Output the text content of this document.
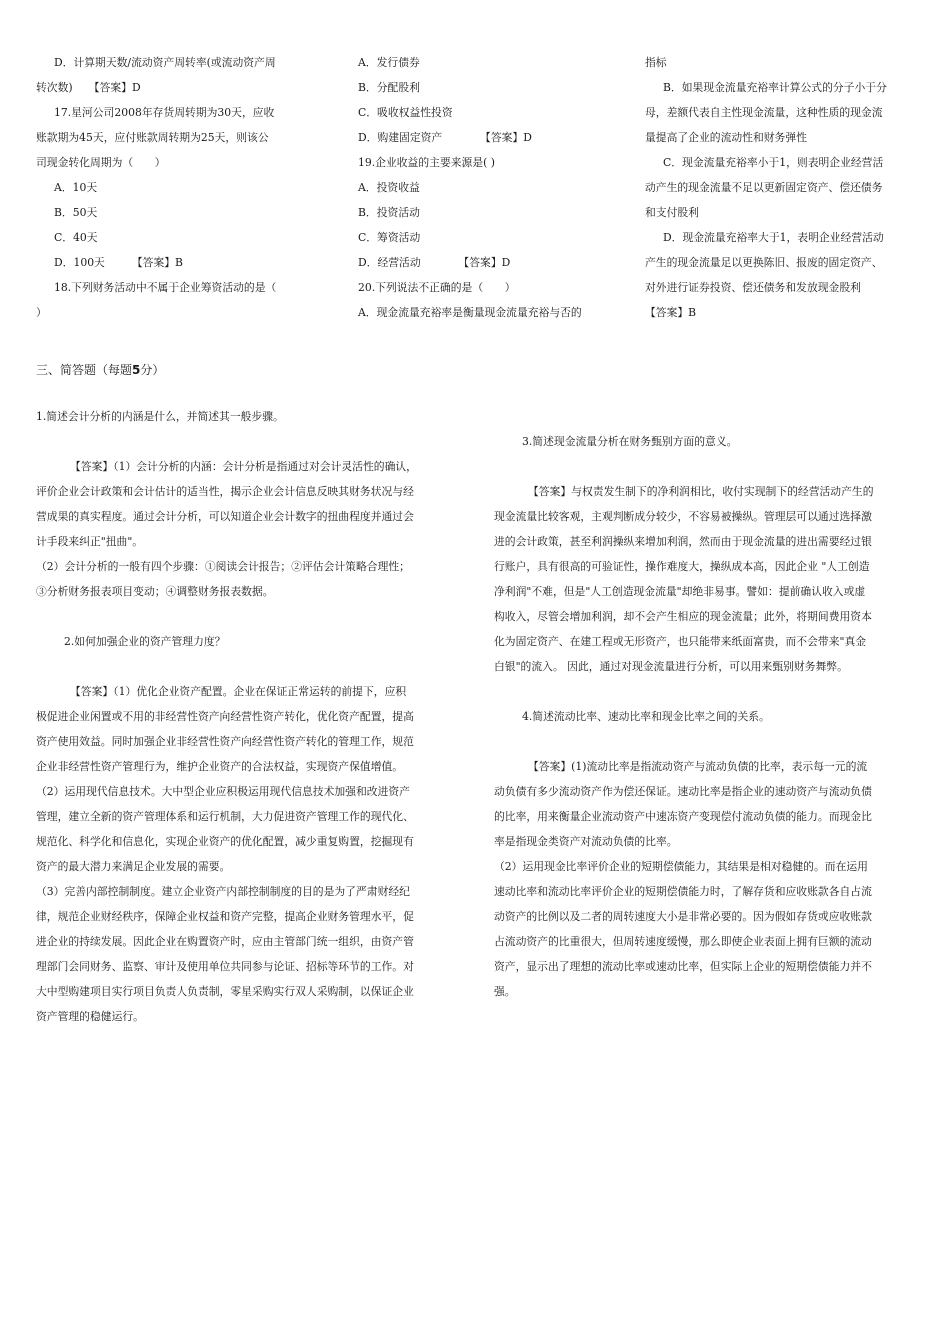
D．计算期天数/流动资产周转率(或流动资产周

转次数)　　【答案】D

17.星河公司2008年存货周转期为30天，应收

账款期为45天，应付账款周转期为25天，则该公

司现金转化周期为（　　）

A．10天

B．50天

C．40天

D．100天　　　【答案】B

18.下列财务活动中不属于企业筹资活动的是（

）

A．发行债券

B．分配股利

C．吸收权益性投资

D．购建固定资产　　　　【答案】D

19.企业收益的主要来源是( )

A．投资收益

B．投资活动

C．筹资活动

D．经营活动　　　　【答案】D

20.下列说法不正确的是（　　）

A．现金流量充裕率是衡量现金流量充裕与否的

指标

B．如果现金流量充裕率计算公式的分子小于分

母，差额代表自主性现金流量，这种性质的现金流

量提高了企业的流动性和财务弹性

C．现金流量充裕率小于1，则表明企业经营活

动产生的现金流量不足以更新固定资产、偿还债务

和支付股利

D．现金流量充裕率大于1，表明企业经营活动

产生的现金流量足以更换陈旧、报废的固定资产、

对外进行证券投资、偿还债务和发放现金股利

【答案】B

三、简答题（每题5分）

1.简述会计分析的内涵是什么，并简述其一般步骤。

【答案】（1）会计分析的内涵：会计分析是指通过对会计灵活性的确认，

评价企业会计政策和会计估计的适当性，揭示企业会计信息反映其财务状况与经

营成果的真实程度。通过会计分析，可以知道企业会计数字的扭曲程度并通过会

计手段来纠正"扭曲"。

（2）会计分析的一般有四个步骤：①阅读会计报告；②评估会计策略合理性；

③分析财务报表项目变动；④调整财务报表数据。

2.如何加强企业的资产管理力度？

【答案】（1）优化企业资产配置。企业在保证正常运转的前提下，应积

极促进企业闲置或不用的非经营性资产向经营性资产转化，优化资产配置，提高

资产使用效益。同时加强企业非经营性资产向经营性资产转化的管理工作，规范

企业非经营性资产管理行为，维护企业资产的合法权益，实现资产保值增值。

（2）运用现代信息技术。大中型企业应积极运用现代信息技术加强和改进资产

管理，建立全新的资产管理体系和运行机制，大力促进资产管理工作的现代化、

规范化、科学化和信息化，实现企业资产的优化配置，减少重复购置，挖掘现有

资产的最大潜力来满足企业发展的需要。

（3）完善内部控制制度。建立企业资产内部控制制度的目的是为了严肃财经纪

律，规范企业财经秩序，保障企业权益和资产完整，提高企业财务管理水平，促

进企业的持续发展。因此企业在购置资产时，应由主管部门统一组织，由资产管

理部门会同财务、监察、审计及使用单位共同参与论证、招标等环节的工作。对

大中型购建项目实行项目负责人负责制，零星采购实行双人采购制，以保证企业

资产管理的稳健运行。

3.简述现金流量分析在财务甄别方面的意义。

【答案】与权责发生制下的净利润相比，收付实现制下的经营活动产生的

现金流量比较客观，主观判断成分较少，不容易被操纵。管理层可以通过选择激

进的会计政策，甚至利润操纵来增加利润，然而由于现金流量的进出需要经过银

行账户，具有很高的可验证性，操作难度大，操纵成本高，因此企业 "人工创造

净利润"不难，但是"人工创造现金流量"却绝非易事。譬如：提前确认收入或虚

构收入，尽管会增加利润，却不会产生相应的现金流量；此外，将期间费用资本

化为固定资产、在建工程或无形资产，也只能带来纸面富贵，而不会带来"真金

白银"的流入。 因此，通过对现金流量进行分析，可以用来甄别财务舞弊。

4.简述流动比率、速动比率和现金比率之间的关系。

【答案】(1)流动比率是指流动资产与流动负债的比率，表示每一元的流

动负债有多少流动资产作为偿还保证。速动比率是指企业的速动资产与流动负债

的比率，用来衡量企业流动资产中速冻资产变现偿付流动负债的能力。而现金比

率是指现金类资产对流动负债的比率。

（2）运用现金比率评价企业的短期偿债能力，其结果是相对稳健的。而在运用

速动比率和流动比率评价企业的短期偿债能力时，了解存货和应收账款各自占流

动资产的比例以及二者的周转速度大小是非常必要的。因为假如存货或应收账款

占流动资产的比重很大，但周转速度缓慢，那么即使企业表面上拥有巨额的流动

资产，显示出了理想的流动比率或速动比率，但实际上企业的短期偿债能力并不

强。
